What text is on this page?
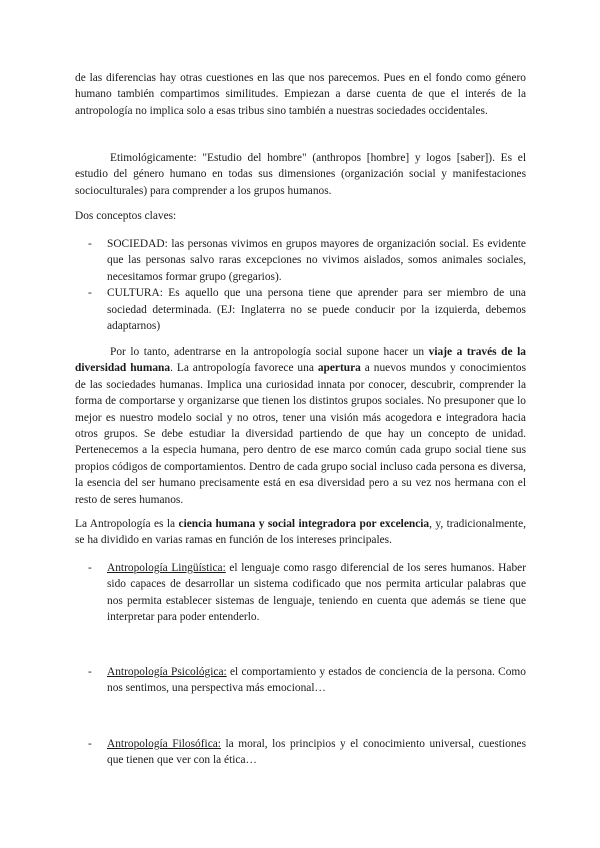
de las diferencias hay otras cuestiones en las que nos parecemos. Pues en el fondo como género humano también compartimos similitudes. Empiezan a darse cuenta de que el interés de la antropología no implica solo a esas tribus sino también a nuestras sociedades occidentales.

Etimológicamente: "Estudio del hombre" (anthropos [hombre] y logos [saber]). Es el estudio del género humano en todas sus dimensiones (organización social y manifestaciones socioculturales) para comprender a los grupos humanos.

Dos conceptos claves:

- SOCIEDAD: las personas vivimos en grupos mayores de organización social. Es evidente que las personas salvo raras excepciones no vivimos aislados, somos animales sociales, necesitamos formar grupo (gregarios).
- CULTURA: Es aquello que una persona tiene que aprender para ser miembro de una sociedad determinada. (EJ: Inglaterra no se puede conducir por la izquierda, debemos adaptarnos)

Por lo tanto, adentrarse en la antropología social supone hacer un viaje a través de la diversidad humana. La antropología favorece una apertura a nuevos mundos y conocimientos de las sociedades humanas. Implica una curiosidad innata por conocer, descubrir, comprender la forma de comportarse y organizarse que tienen los distintos grupos sociales. No presuponer que lo mejor es nuestro modelo social y no otros, tener una visión más acogedora e integradora hacia otros grupos. Se debe estudiar la diversidad partiendo de que hay un concepto de unidad. Pertenecemos a la especia humana, pero dentro de ese marco común cada grupo social tiene sus propios códigos de comportamientos. Dentro de cada grupo social incluso cada persona es diversa, la esencia del ser humano precisamente está en esa diversidad pero a su vez nos hermana con el resto de seres humanos.

La Antropología es la ciencia humana y social integradora por excelencia, y, tradicionalmente, se ha dividido en varias ramas en función de los intereses principales.

- Antropología Lingüística: el lenguaje como rasgo diferencial de los seres humanos. Haber sido capaces de desarrollar un sistema codificado que nos permita articular palabras que nos permita establecer sistemas de lenguaje, teniendo en cuenta que además se tiene que interpretar para poder entenderlo.
- Antropología Psicológica: el comportamiento y estados de conciencia de la persona. Como nos sentimos, una perspectiva más emocional…
- Antropología Filosófica: la moral, los principios y el conocimiento universal, cuestiones que tienen que ver con la ética…
